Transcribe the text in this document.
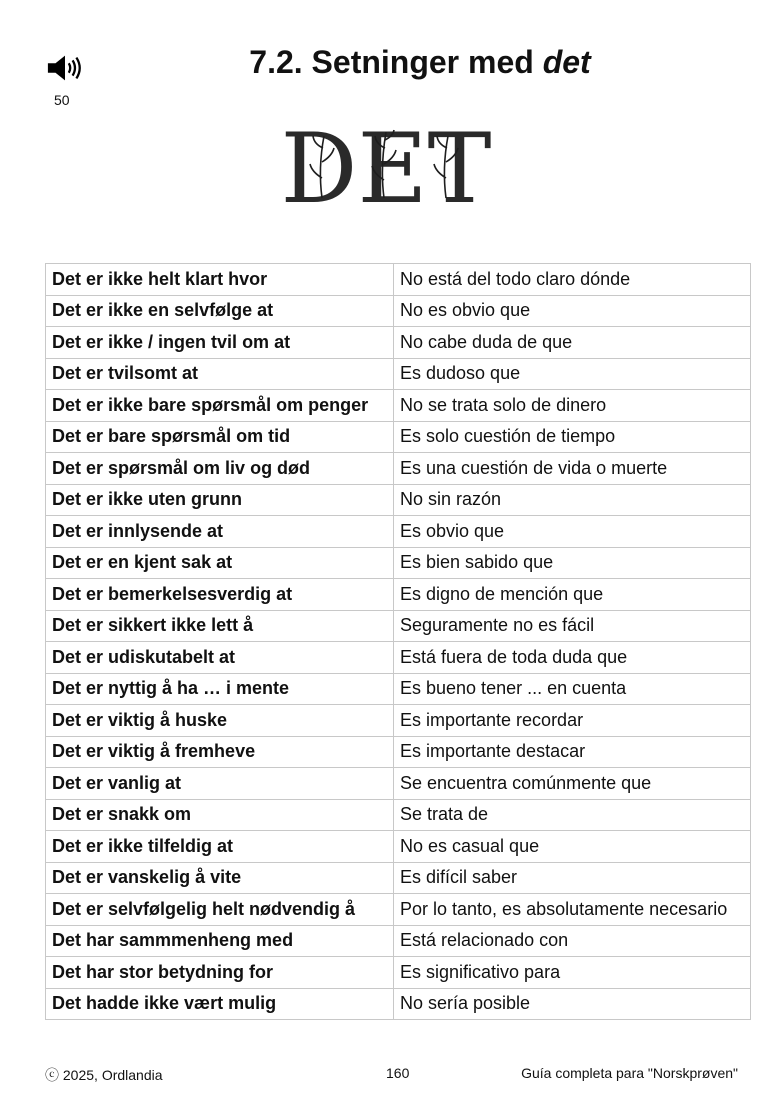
50
7.2. Setninger med det
DET
Det er ikke helt klart hvor	No está del todo claro dónde
Det er ikke en selvfølge at	No es obvio que
Det er ikke / ingen tvil om at	No cabe duda de que
Det er tvilsomt at	Es dudoso que
Det er ikke bare spørsmål om penger	No se trata solo de dinero
Det er bare spørsmål om tid	Es solo cuestión de tiempo
Det er spørsmål om liv og død	Es una cuestión de vida o muerte
Det er ikke uten grunn	No sin razón
Det er innlysende at	Es obvio que
Det er en kjent sak at	Es bien sabido que
Det er bemerkelsesverdig at	Es digno de mención que
Det er sikkert ikke lett å	Seguramente no es fácil
Det er udiskutabelt at	Está fuera de toda duda que
Det er nyttig å ha … i mente	Es bueno tener ... en cuenta
Det er viktig å huske	Es importante recordar
Det er viktig å fremheve	Es importante destacar
Det er vanlig at	Se encuentra comúnmente que
Det er snakk om	Se trata de
Det er ikke tilfeldig at	No es casual que
Det er vanskelig å vite	Es difícil saber
Det er selvfølgelig helt nødvendig å	Por lo tanto, es absolutamente necesario
Det har sammmenheng med	Está relacionado con
Det har stor betydning for	Es significativo para
Det hadde ikke vært mulig	No sería posible
ⓒ 2025, Ordlandia	160	Guía completa para "Norskprøven"
